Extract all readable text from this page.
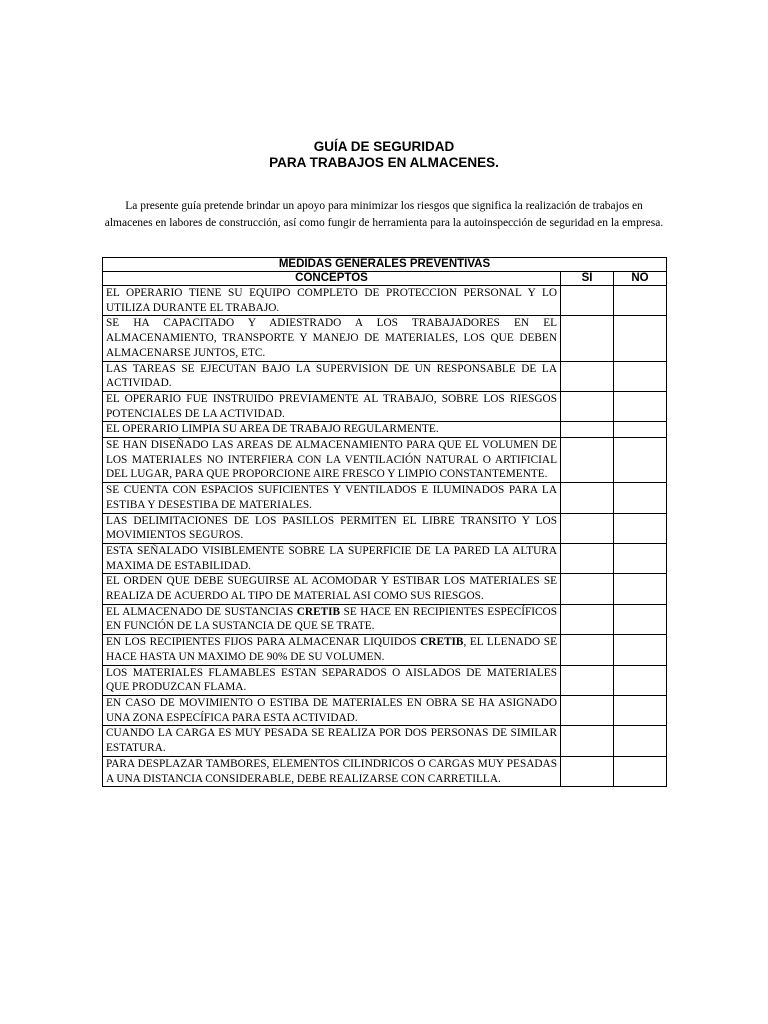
GUÍA DE SEGURIDAD
PARA TRABAJOS EN ALMACENES.
La presente guía pretende brindar un apoyo para minimizar los riesgos que significa la realización de trabajos en almacenes en labores de construcción, así como fungir de herramienta para la autoinspección de seguridad en la empresa.
MEDIDAS GENERALES PREVENTIVAS		
CONCEPTOS	SI	NO
EL OPERARIO TIENE SU EQUIPO COMPLETO DE PROTECCION PERSONAL Y LO UTILIZA DURANTE EL TRABAJO.		
SE HA CAPACITADO Y ADIESTRADO A LOS TRABAJADORES EN EL ALMACENAMIENTO, TRANSPORTE Y MANEJO DE MATERIALES, LOS QUE DEBEN ALMACENARSE JUNTOS, ETC.		
LAS TAREAS SE EJECUTAN BAJO LA SUPERVISION DE UN RESPONSABLE DE LA ACTIVIDAD.		
EL OPERARIO FUE INSTRUIDO PREVIAMENTE AL TRABAJO, SOBRE LOS RIESGOS POTENCIALES DE LA ACTIVIDAD.		
EL OPERARIO LIMPIA SU AREA DE TRABAJO REGULARMENTE.		
SE HAN DISEÑADO LAS AREAS DE ALMACENAMIENTO PARA QUE EL VOLUMEN DE LOS MATERIALES NO INTERFIERA CON LA VENTILACIÓN NATURAL O ARTIFICIAL DEL LUGAR, PARA QUE PROPORCIONE AIRE FRESCO Y LIMPIO CONSTANTEMENTE.		
SE CUENTA CON ESPACIOS SUFICIENTES Y VENTILADOS E ILUMINADOS PARA LA ESTIBA Y DESESTIBA DE MATERIALES.		
LAS DELIMITACIONES DE LOS PASILLOS PERMITEN EL LIBRE TRANSITO Y LOS MOVIMIENTOS SEGUROS.		
ESTA SEÑALADO VISIBLEMENTE SOBRE LA SUPERFICIE DE LA PARED LA ALTURA MAXIMA DE ESTABILIDAD.		
EL ORDEN QUE DEBE SUEGUIRSE AL ACOMODAR Y ESTIBAR LOS MATERIALES SE REALIZA DE ACUERDO AL TIPO DE MATERIAL ASI COMO SUS RIESGOS.		
EL ALMACENADO DE SUSTANCIAS CRETIB SE HACE EN RECIPIENTES ESPECÍFICOS EN FUNCIÓN DE LA SUSTANCIA DE QUE SE TRATE.		
EN LOS RECIPIENTES FIJOS PARA ALMACENAR LIQUIDOS CRETIB, EL LLENADO SE HACE HASTA UN MAXIMO DE 90% DE SU VOLUMEN.		
LOS MATERIALES FLAMABLES ESTAN SEPARADOS O AISLADOS DE MATERIALES QUE PRODUZCAN FLAMA.		
EN CASO DE MOVIMIENTO O ESTIBA DE MATERIALES EN OBRA SE HA ASIGNADO UNA ZONA ESPECÍFICA PARA ESTA ACTIVIDAD.		
CUANDO LA CARGA ES MUY PESADA SE REALIZA POR DOS PERSONAS DE SIMILAR ESTATURA.		
PARA DESPLAZAR TAMBORES, ELEMENTOS CILINDRICOS O CARGAS MUY PESADAS A UNA DISTANCIA CONSIDERABLE, DEBE REALIZARSE CON CARRETILLA.		
